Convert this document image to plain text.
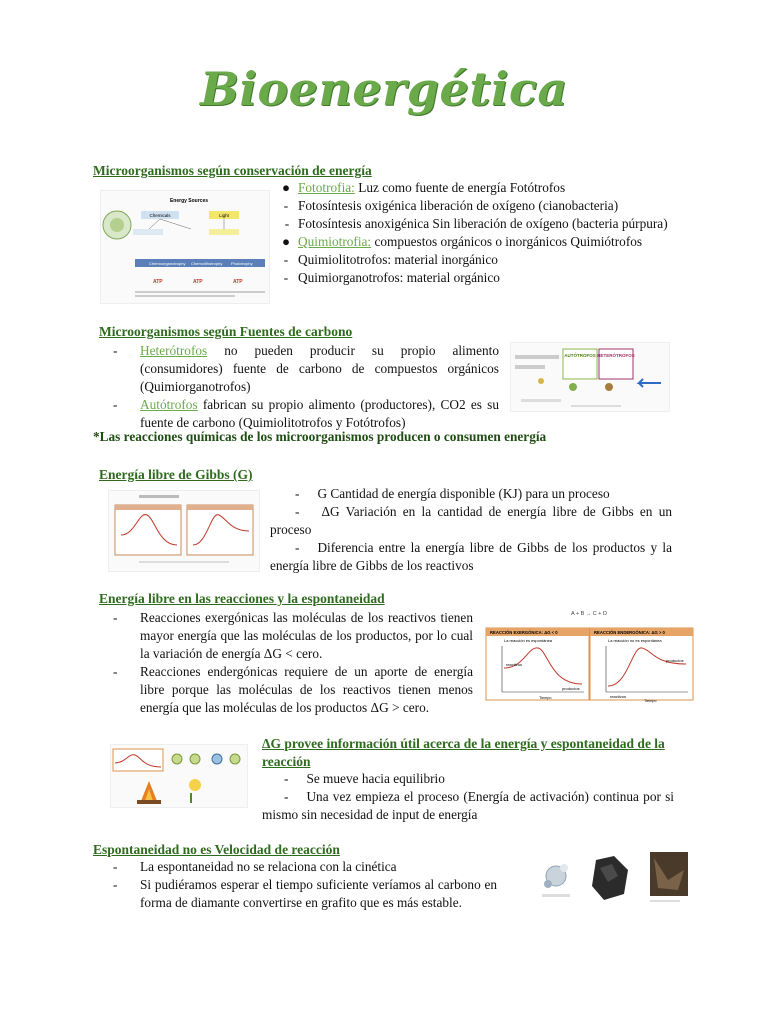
Bioenergética
Microorganismos según conservación de energía
Energy Sources
Chemicals	Light
Chemoorganotrophy Chemolithotrophy Phototrophy
ATP	ATP	ATP
● Fototrofia: Luz como fuente de energía Fotótrofos
- Fotosíntesis oxigénica liberación de oxígeno (cianobacteria)
- Fotosíntesis anoxigénica Sin liberación de oxígeno (bacteria púrpura)
● Quimiotrofia: compuestos orgánicos o inorgánicos Quimiótrofos
- Quimiolitotrofos: material inorgánico
- Quimiorganotrofos: material orgánico
Microorganismos según Fuentes de carbono
-	Heterótrofos no pueden producir su propio alimento (consumidores) fuente de carbono de compuestos orgánicos (Quimiorganotrofos)
-	Autótrofos fabrican su propio alimento (productores), CO2 es su fuente de carbono (Quimiolitotrofos y Fotótrofos)
AUTÓTROFOS HETERÓTROFOS
*Las reacciones químicas de los microorganismos producen o consumen energía
Energía libre de Gibbs (G)
- G Cantidad de energía disponible (KJ) para un proceso
- ΔG Variación en la cantidad de energía libre de Gibbs en un proceso
- Diferencia entre la energía libre de Gibbs de los productos y la energía libre de Gibbs de los reactivos
Energía libre en las reacciones y la espontaneidad
-	Reacciones exergónicas las moléculas de los reactivos tienen mayor energía que las moléculas de los productos, por lo cual la variación de energía ΔG < cero.
-	Reacciones endergónicas requiere de un aporte de energía libre porque las moléculas de los reactivos tienen menos energía que las moléculas de los productos ΔG > cero.
A + B → C + D
REACCIÓN EXERGÓNICA: ΔG < 0	REACCIÓN ENDERGÓNICA: ΔG > 0
La reacción es espontánea	La reacción no es espontánea
reactivos
productos
reactivos
productos
Tiempo
Tiempo
ΔG provee información útil acerca de la energía y espontaneidad de la reacción
- Se mueve hacia equilibrio
- Una vez empieza el proceso (Energía de activación) continua por si mismo sin necesidad de input de energía
Espontaneidad no es Velocidad de reacción
-	La espontaneidad no se relaciona con la cinética
-	Si pudiéramos esperar el tiempo suficiente veríamos al carbono en forma de diamante convertirse en grafito que es más estable.
